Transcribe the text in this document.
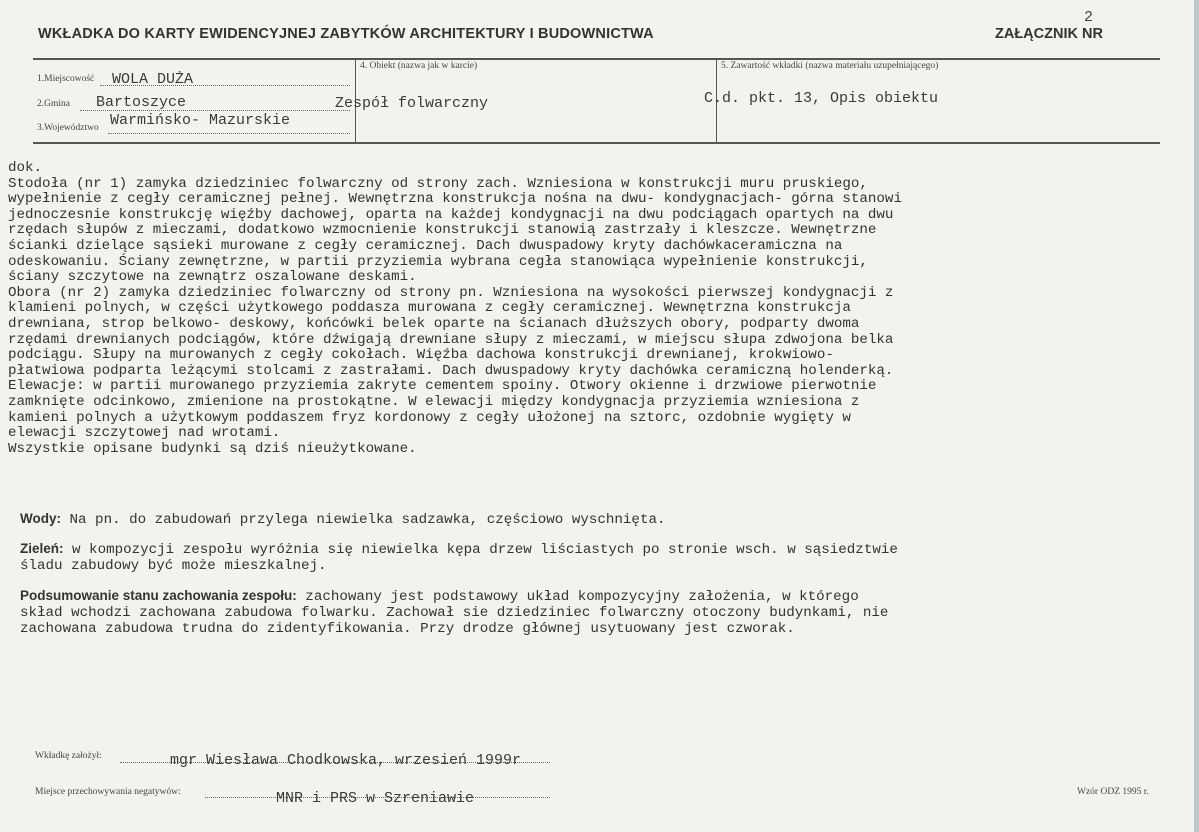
2
WKŁADKA DO KARTY EWIDENCYJNEJ ZABYTKÓW ARCHITEKTURY I BUDOWNICTWA	ZAŁĄCZNIK NR
1.Miejscowość WOLA DUŻA
2.Gmina Bartoszyce
3.Województwo Warmińsko- Mazurskie
4. Obiekt (nazwa jak w karcie)
Zespół folwarczny
5. Zawartość wkładki (nazwa materiału uzupełniającego)
C.d. pkt. 13, Opis obiektu
dok.
Stodoła (nr 1) zamyka dziedziniec folwarczny od strony zach. Wzniesiona w konstrukcji muru pruskiego,
wypełnienie z cegły ceramicznej pełnej. Wewnętrzna konstrukcja nośna na dwu- kondygnacjach- górna stanowi
jednoczesnie konstrukcję więźby dachowej, oparta na każdej kondygnacji na dwu podciągach opartych na dwu
rzędach słupów z mieczami, dodatkowo wzmocnienie konstrukcji stanowią zastrzały i kleszcze. Wewnętrzne
ścianki dzielące sąsieki murowane z cegły ceramicznej. Dach dwuspadowy kryty dachówkaceramiczna na
odeskowaniu. Ściany zewnętrzne, w partii przyziemia wybrana cegła stanowiąca wypełnienie konstrukcji,
ściany szczytowe na zewnątrz oszalowane deskami.
Obora (nr 2) zamyka dziedziniec folwarczny od strony pn. Wzniesiona na wysokości pierwszej kondygnacji z
klamieni polnych, w części użytkowego poddasza murowana z cegły ceramicznej. Wewnętrzna konstrukcja
drewniana, strop belkowo- deskowy, końcówki belek oparte na ścianach dłuższych obory, podparty dwoma
rzędami drewnianych podciągów, które dźwigają drewniane słupy z mieczami, w miejscu słupa zdwojona belka
podciągu. Słupy na murowanych z cegły cokołach. Więźba dachowa konstrukcji drewnianej, krokwiowo-
płatwiowa podparta leżącymi stolcami z zastrałami. Dach dwuspadowy kryty dachówka ceramiczną holenderką.
Elewacje: w partii murowanego przyziemia zakryte cementem spoiny. Otwory okienne i drzwiowe pierwotnie
zamknięte odcinkowo, zmienione na prostokątne. W elewacji między kondygnacja przyziemia wzniesiona z
kamieni polnych a użytkowym poddaszem fryz kordonowy z cegły ułożonej na sztorc, ozdobnie wygięty w
elewacji szczytowej nad wrotami.
Wszystkie opisane budynki są dziś nieużytkowane.
Wody: Na pn. do zabudowań przylega niewielka sadzawka, częściowo wyschnięta.
Zieleń: w kompozycji zespołu wyróżnia się niewielka kępa drzew liściastych po stronie wsch. w sąsiedztwie
śladu zabudowy być może mieszkalnej.
Podsumowanie stanu zachowania zespołu: zachowany jest podstawowy układ kompozycyjny założenia, w którego
skład wchodzi zachowana zabudowa folwarku. Zachował sie dziedziniec folwarczny otoczony budynkami, nie
zachowana zabudowa trudna do zidentyfikowania. Przy drodze głównej usytuowany jest czworak.
Wkładkę założył:	mgr Wiesława Chodkowska, wrzesień 1999r
Miejsce przechowywania negatywów:	MNR i PRS w Szreniawie	Wzór ODZ 1995 r.
